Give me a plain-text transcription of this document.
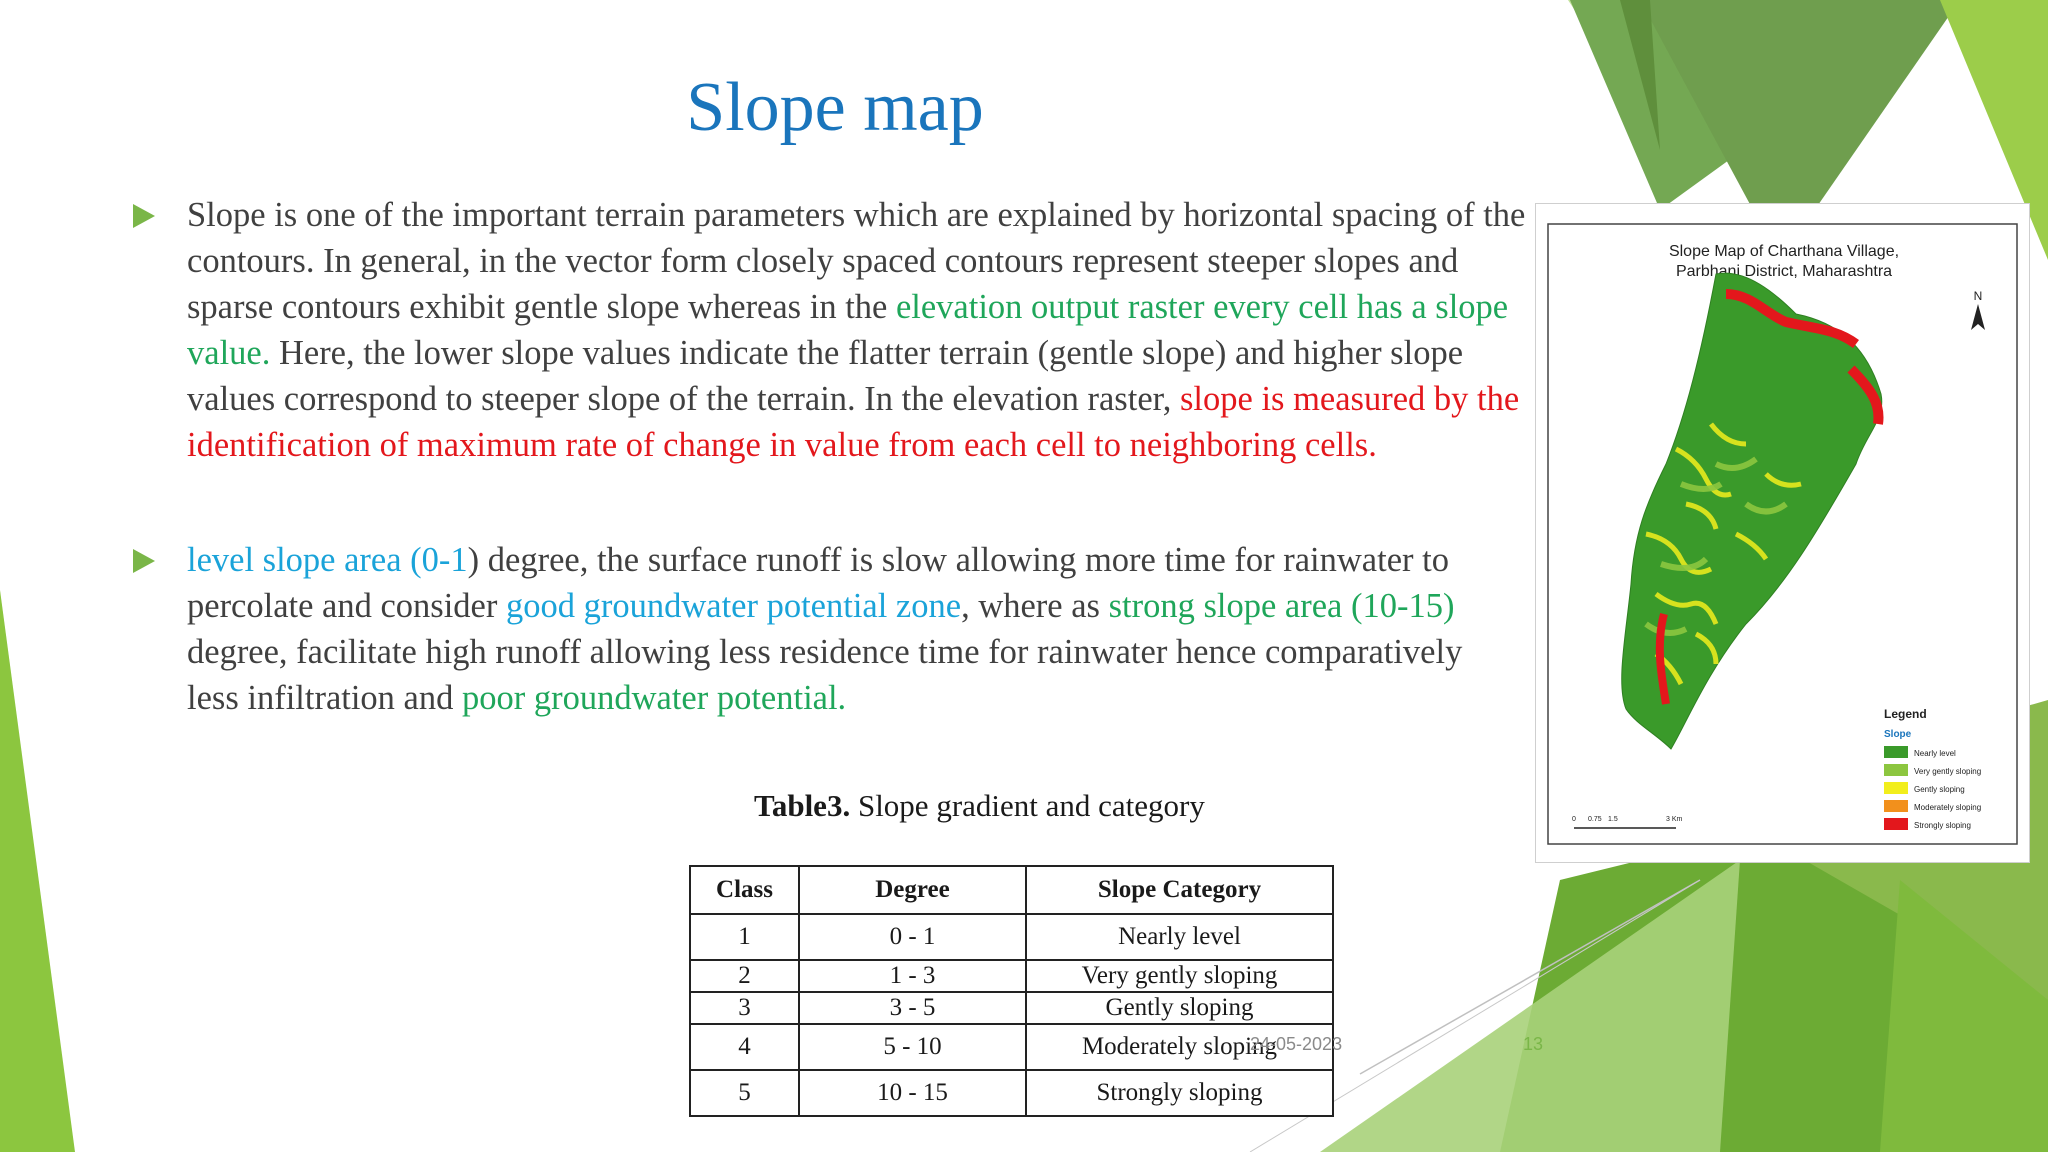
Slope map
Slope is one of the important terrain parameters which are explained by horizontal spacing of the contours. In general, in the vector form closely spaced contours represent steeper slopes and sparse contours exhibit gentle slope whereas in the elevation output raster every cell has a slope value. Here, the lower slope values indicate the flatter terrain (gentle slope) and higher slope values correspond to steeper slope of the terrain. In the elevation raster, slope is measured by the identification of maximum rate of change in value from each cell to neighboring cells.
level slope area (0-1) degree, the surface runoff is slow allowing more time for rainwater to percolate and consider good groundwater potential zone, where as strong slope area (10-15) degree, facilitate high runoff allowing less residence time for rainwater hence comparatively less infiltration and poor groundwater potential.
Slope Map of Charthana Village,
Parbhani District, Maharashtra
N
Legend
Slope
Nearly level
Very gently sloping
Gently sloping
Moderately sloping
Strongly sloping
0 0.75 1.5	3 Km
Table3. Slope gradient and category
Class	Degree	Slope Category
1	0 - 1	Nearly level
2	1 - 3	Very gently sloping
3	3 - 5	Gently sloping
4	5 - 10	Moderately sloping
5	10 - 15	Strongly sloping
24-05-2023	13
